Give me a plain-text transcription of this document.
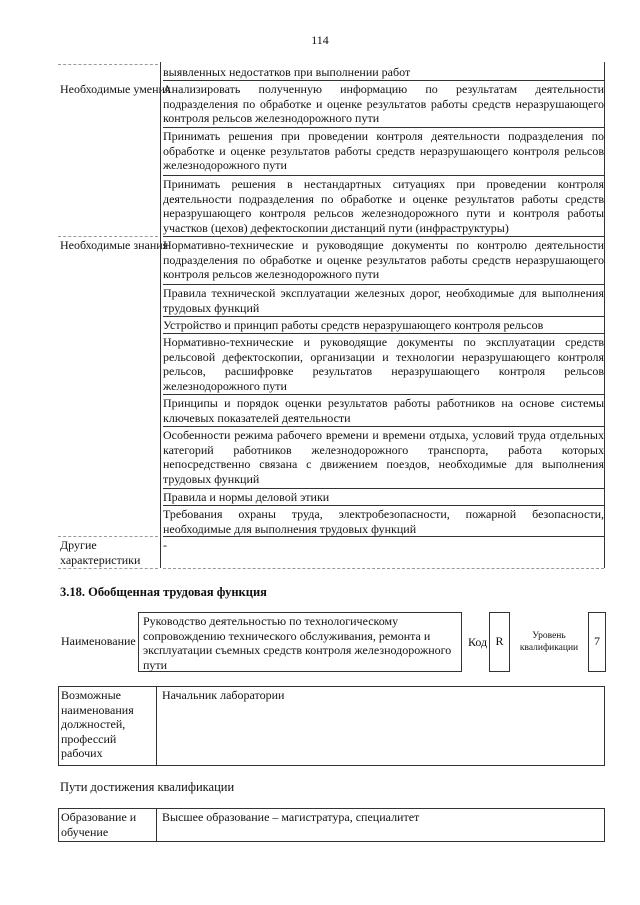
114
выявленных недостатков при выполнении работ
Необходимые умения
Анализировать полученную информацию по результатам деятельности подразделения по обработке и оценке результатов работы средств неразрушающего контроля рельсов железнодорожного пути
Принимать решения при проведении контроля деятельности подразделения по обработке и оценке результатов работы средств неразрушающего контроля рельсов железнодорожного пути
Принимать решения в нестандартных ситуациях при проведении контроля деятельности подразделения по обработке и оценке результатов работы средств неразрушающего контроля рельсов железнодорожного пути и контроля работы участков (цехов) дефектоскопии дистанций пути (инфраструктуры)
Необходимые знания
Нормативно-технические и руководящие документы по контролю деятельности подразделения по обработке и оценке результатов работы средств неразрушающего контроля рельсов железнодорожного пути
Правила технической эксплуатации железных дорог, необходимые для выполнения трудовых функций
Устройство и принцип работы средств неразрушающего контроля рельсов
Нормативно-технические и руководящие документы по эксплуатации средств рельсовой дефектоскопии, организации и технологии неразрушающего контроля рельсов, расшифровке результатов неразрушающего контроля рельсов железнодорожного пути
Принципы и порядок оценки результатов работы работников на основе системы ключевых показателей деятельности
Особенности режима рабочего времени и времени отдыха, условий труда отдельных категорий работников железнодорожного транспорта, работа которых непосредственно связана с движением поездов, необходимые для выполнения трудовых функций
Правила и нормы деловой этики
Требования охраны труда, электробезопасности, пожарной безопасности, необходимые для выполнения трудовых функций
Другие характеристики
-
3.18. Обобщенная трудовая функция
Наименование
Руководство деятельностью по технологическому сопровождению технического обслуживания, ремонта и эксплуатации съемных средств контроля железнодорожного пути
Код R	Уровень квалификации	7
Возможные наименования должностей, профессий рабочих
Начальник лаборатории
Пути достижения квалификации
Образование и обучение
Высшее образование – магистратура, специалитет
